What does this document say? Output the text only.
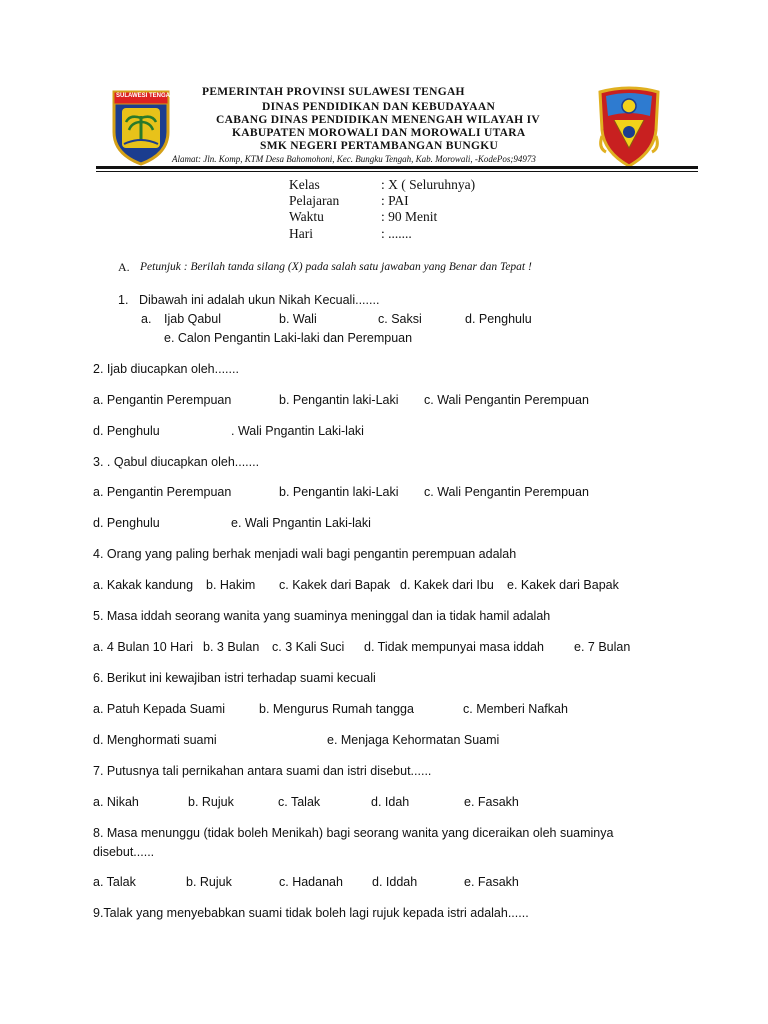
SULAWESI TENGAH PEMERINTAH PROVINSI SULAWESI TENGAH
DINAS PENDIDIKAN DAN KEBUDAYAAN
CABANG DINAS PENDIDIKAN MENENGAH WILAYAH IV
KABUPATEN MOROWALI DAN MOROWALI UTARA
SMK NEGERI PERTAMBANGAN BUNGKU
Alamat: Jln. Komp, KTM Desa Bahomohoni, Kec. Bungku Tengah, Kab. Morowali, -KodePos;94973
Kelas	: X ( Seluruhnya)
Pelajaran	: PAI
Waktu	: 90 Menit
Hari	: .......
A. Petunjuk : Berilah tanda silang (X) pada salah satu jawaban yang Benar dan Tepat !
1. Dibawah ini adalah ukun Nikah Kecuali.......
a. Ijab Qabul	b. Wali	c. Saksi	d. Penghulu
e. Calon Pengantin Laki-laki dan Perempuan
2. Ijab diucapkan oleh.......
a. Pengantin Perempuan	b. Pengantin laki-Laki c. Wali Pengantin Perempuan
d. Penghulu	. Wali Pngantin Laki-laki
3. . Qabul diucapkan oleh.......
a. Pengantin Perempuan	b. Pengantin laki-Laki c. Wali Pengantin Perempuan
d. Penghulu	e. Wali Pngantin Laki-laki
4. Orang yang paling berhak menjadi wali bagi pengantin perempuan adalah
a. Kakak kandung b. Hakim c. Kakek dari Bapak d. Kakek dari Ibu e. Kakek dari Bapak
5. Masa iddah seorang wanita yang suaminya meninggal dan ia tidak hamil adalah
a. 4 Bulan 10 Hari b. 3 Bulan c. 3 Kali Suci d. Tidak mempunyai masa iddah e. 7 Bulan
6. Berikut ini kewajiban istri terhadap suami kecuali
a. Patuh Kepada Suami	b. Mengurus Rumah tangga	c. Memberi Nafkah
d. Menghormati suami	e. Menjaga Kehormatan Suami
7. Putusnya tali pernikahan antara suami dan istri disebut......
a. Nikah	b. Rujuk	c. Talak	d. Idah	e. Fasakh
8. Masa menunggu (tidak boleh Menikah) bagi seorang wanita yang diceraikan oleh suaminya
disebut......
a. Talak	b. Rujuk	c. Hadanah d. Iddah	e. Fasakh
9.Talak yang menyebabkan suami tidak boleh lagi rujuk kepada istri adalah......
